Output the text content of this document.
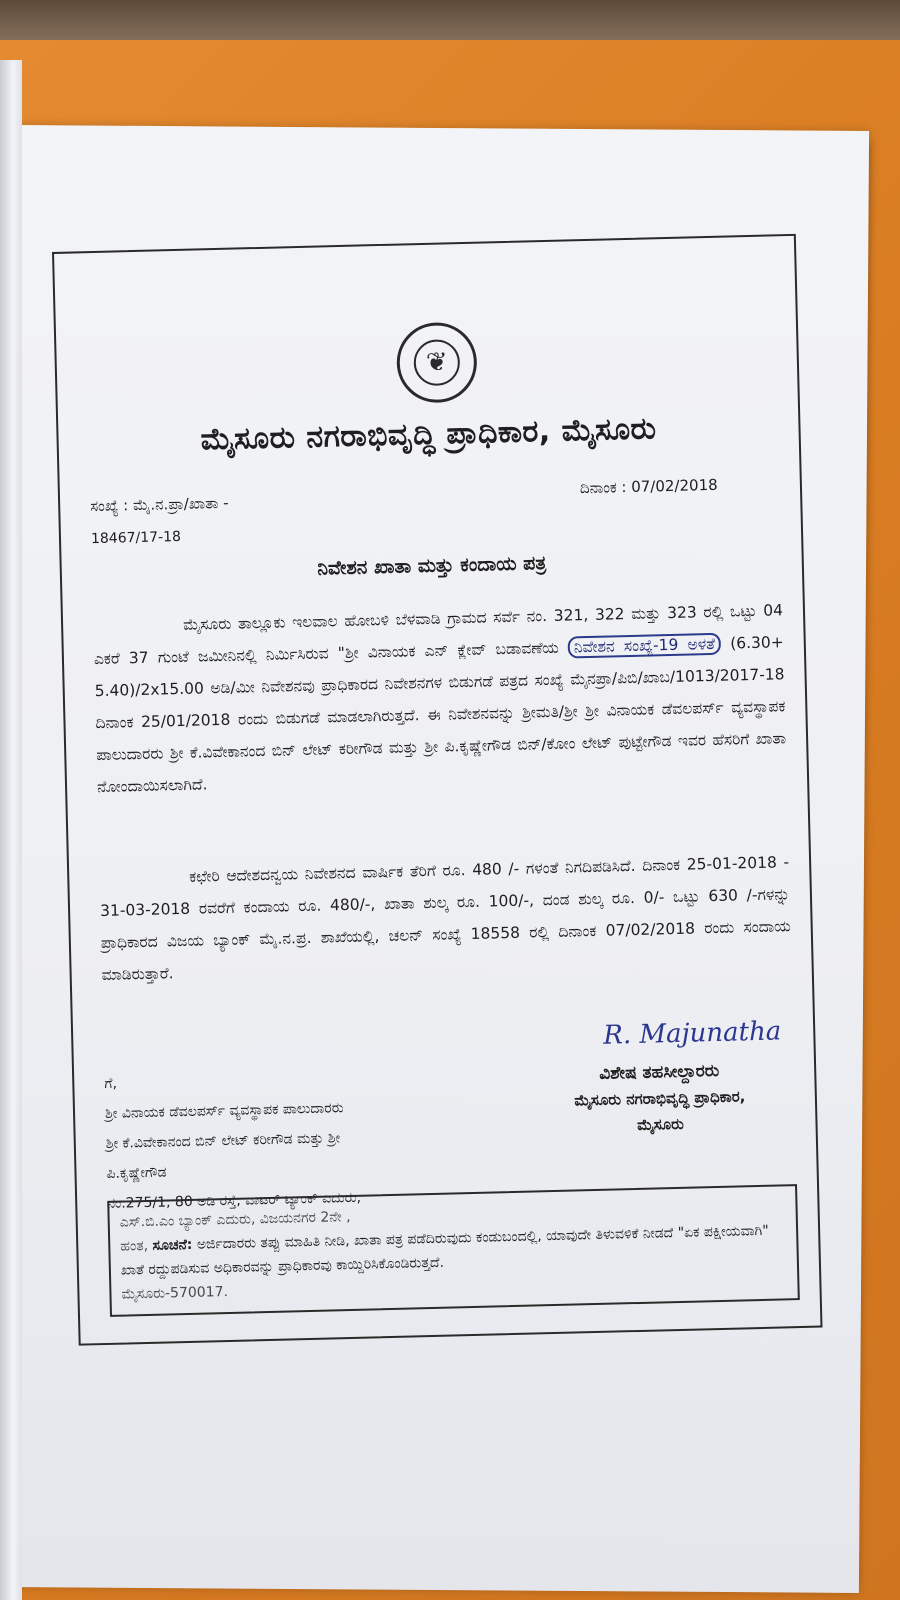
❦
ಮೈಸೂರು ನಗರಾಭಿವೃದ್ಧಿ ಪ್ರಾಧಿಕಾರ, ಮೈಸೂರು
ಸಂಖ್ಯೆ : ಮೈ.ನ.ಪ್ರಾ/ಖಾತಾ -
18467/17-18
ದಿನಾಂಕ : 07/02/2018
ನಿವೇಶನ ಖಾತಾ ಮತ್ತು ಕಂದಾಯ ಪತ್ರ
ಮೈಸೂರು ತಾಲ್ಲೂಕು ಇಲವಾಲ ಹೋಬಳಿ ಬೆಳವಾಡಿ ಗ್ರಾಮದ ಸರ್ವೆ ನಂ. 321, 322 ಮತ್ತು 323 ರಲ್ಲಿ ಒಟ್ಟು 04 ಎಕರೆ 37 ಗುಂಟೆ ಜಮೀನಿನಲ್ಲಿ ನಿರ್ಮಿಸಿರುವ "ಶ್ರೀ ವಿನಾಯಕ ಎನ್ ಕ್ಲೇವ್ ಬಡಾವಣೆಯ ನಿವೇಶನ ಸಂಖ್ಯೆ-19 ಅಳತೆ (6.30+ 5.40)/2x15.00 ಅಡಿ/ಮೀ ನಿವೇಶನವು ಪ್ರಾಧಿಕಾರದ ನಿವೇಶನಗಳ ಬಿಡುಗಡೆ ಪತ್ರದ ಸಂಖ್ಯೆ ಮೈನಪ್ರಾ/ಪಿಬಿ/ಖಾಬ/1013/2017-18 ದಿನಾಂಕ 25/01/2018 ರಂದು ಬಿಡುಗಡೆ ಮಾಡಲಾಗಿರುತ್ತದೆ. ಈ ನಿವೇಶನವನ್ನು ಶ್ರೀಮತಿ/ಶ್ರೀ ಶ್ರೀ ವಿನಾಯಕ ಡೆವಲಪರ್ಸ್ ವ್ಯವಸ್ಥಾಪಕ ಪಾಲುದಾರರು ಶ್ರೀ ಕೆ.ವಿವೇಕಾನಂದ ಬಿನ್ ಲೇಟ್ ಕರೀಗೌಡ ಮತ್ತು ಶ್ರೀ ಪಿ.ಕೃಷ್ಣೇಗೌಡ ಬಿನ್/ಕೋಂ ಲೇಟ್ ಪುಟ್ಟೇಗೌಡ ಇವರ ಹೆಸರಿಗೆ ಖಾತಾ ನೋಂದಾಯಿಸಲಾಗಿದೆ.
ಕಛೇರಿ ಆದೇಶದನ್ವಯ ನಿವೇಶನದ ವಾರ್ಷಿಕ ತೆರಿಗೆ ರೂ. 480 /- ಗಳಂತೆ ನಿಗದಿಪಡಿಸಿದೆ. ದಿನಾಂಕ 25-01-2018 - 31-03-2018 ರವರೆಗೆ ಕಂದಾಯ ರೂ. 480/-, ಖಾತಾ ಶುಲ್ಕ ರೂ. 100/-, ದಂಡ ಶುಲ್ಕ ರೂ. 0/- ಒಟ್ಟು 630 /-ಗಳನ್ನು ಪ್ರಾಧಿಕಾರದ ವಿಜಯ ಬ್ಯಾಂಕ್ ಮೈ.ನ.ಪ್ರ. ಶಾಖೆಯಲ್ಲಿ, ಚಲನ್ ಸಂಖ್ಯೆ 18558 ರಲ್ಲಿ ದಿನಾಂಕ 07/02/2018 ರಂದು ಸಂದಾಯ ಮಾಡಿರುತ್ತಾರೆ.
ಗೆ,
ಶ್ರೀ ವಿನಾಯಕ ಡೆವಲಪರ್ಸ್ ವ್ಯವಸ್ಥಾಪಕ ಪಾಲುದಾರರು
ಶ್ರೀ ಕೆ.ವಿವೇಕಾನಂದ ಬಿನ್ ಲೇಟ್ ಕರೀಗೌಡ ಮತ್ತು ಶ್ರೀ
ಪಿ.ಕೃಷ್ಣೇಗೌಡ
ನಂ.275/1, 80 ಅಡಿ ರಸ್ತೆ, ವಾಟರ್ ಟ್ಯಾಂಕ್ ಎದುರು,
R. Majunatha
ವಿಶೇಷ ತಹಸೀಲ್ದಾರರು
ಮೈಸೂರು ನಗರಾಭಿವೃದ್ಧಿ ಪ್ರಾಧಿಕಾರ,
ಮೈಸೂರು
ಎಸ್.ಬಿ.ಎಂ ಬ್ಯಾಂಕ್ ಎದುರು, ವಿಜಯನಗರ 2ನೇ ,
ಹಂತ, ಸೂಚನೆ: ಅರ್ಜಿದಾರರು ತಪ್ಪು ಮಾಹಿತಿ ನೀಡಿ, ಖಾತಾ ಪತ್ರ ಪಡೆದಿರುವುದು ಕಂಡುಬಂದಲ್ಲಿ, ಯಾವುದೇ ತಿಳುವಳಿಕೆ ನೀಡದೆ "ಏಕ ಪಕ್ಷೀಯವಾಗಿ" ಖಾತೆ ರದ್ದುಪಡಿಸುವ ಅಧಿಕಾರವನ್ನು ಪ್ರಾಧಿಕಾರವು ಕಾಯ್ದಿರಿಸಿಕೊಂಡಿರುತ್ತದೆ.
ಮೈಸೂರು-570017.
